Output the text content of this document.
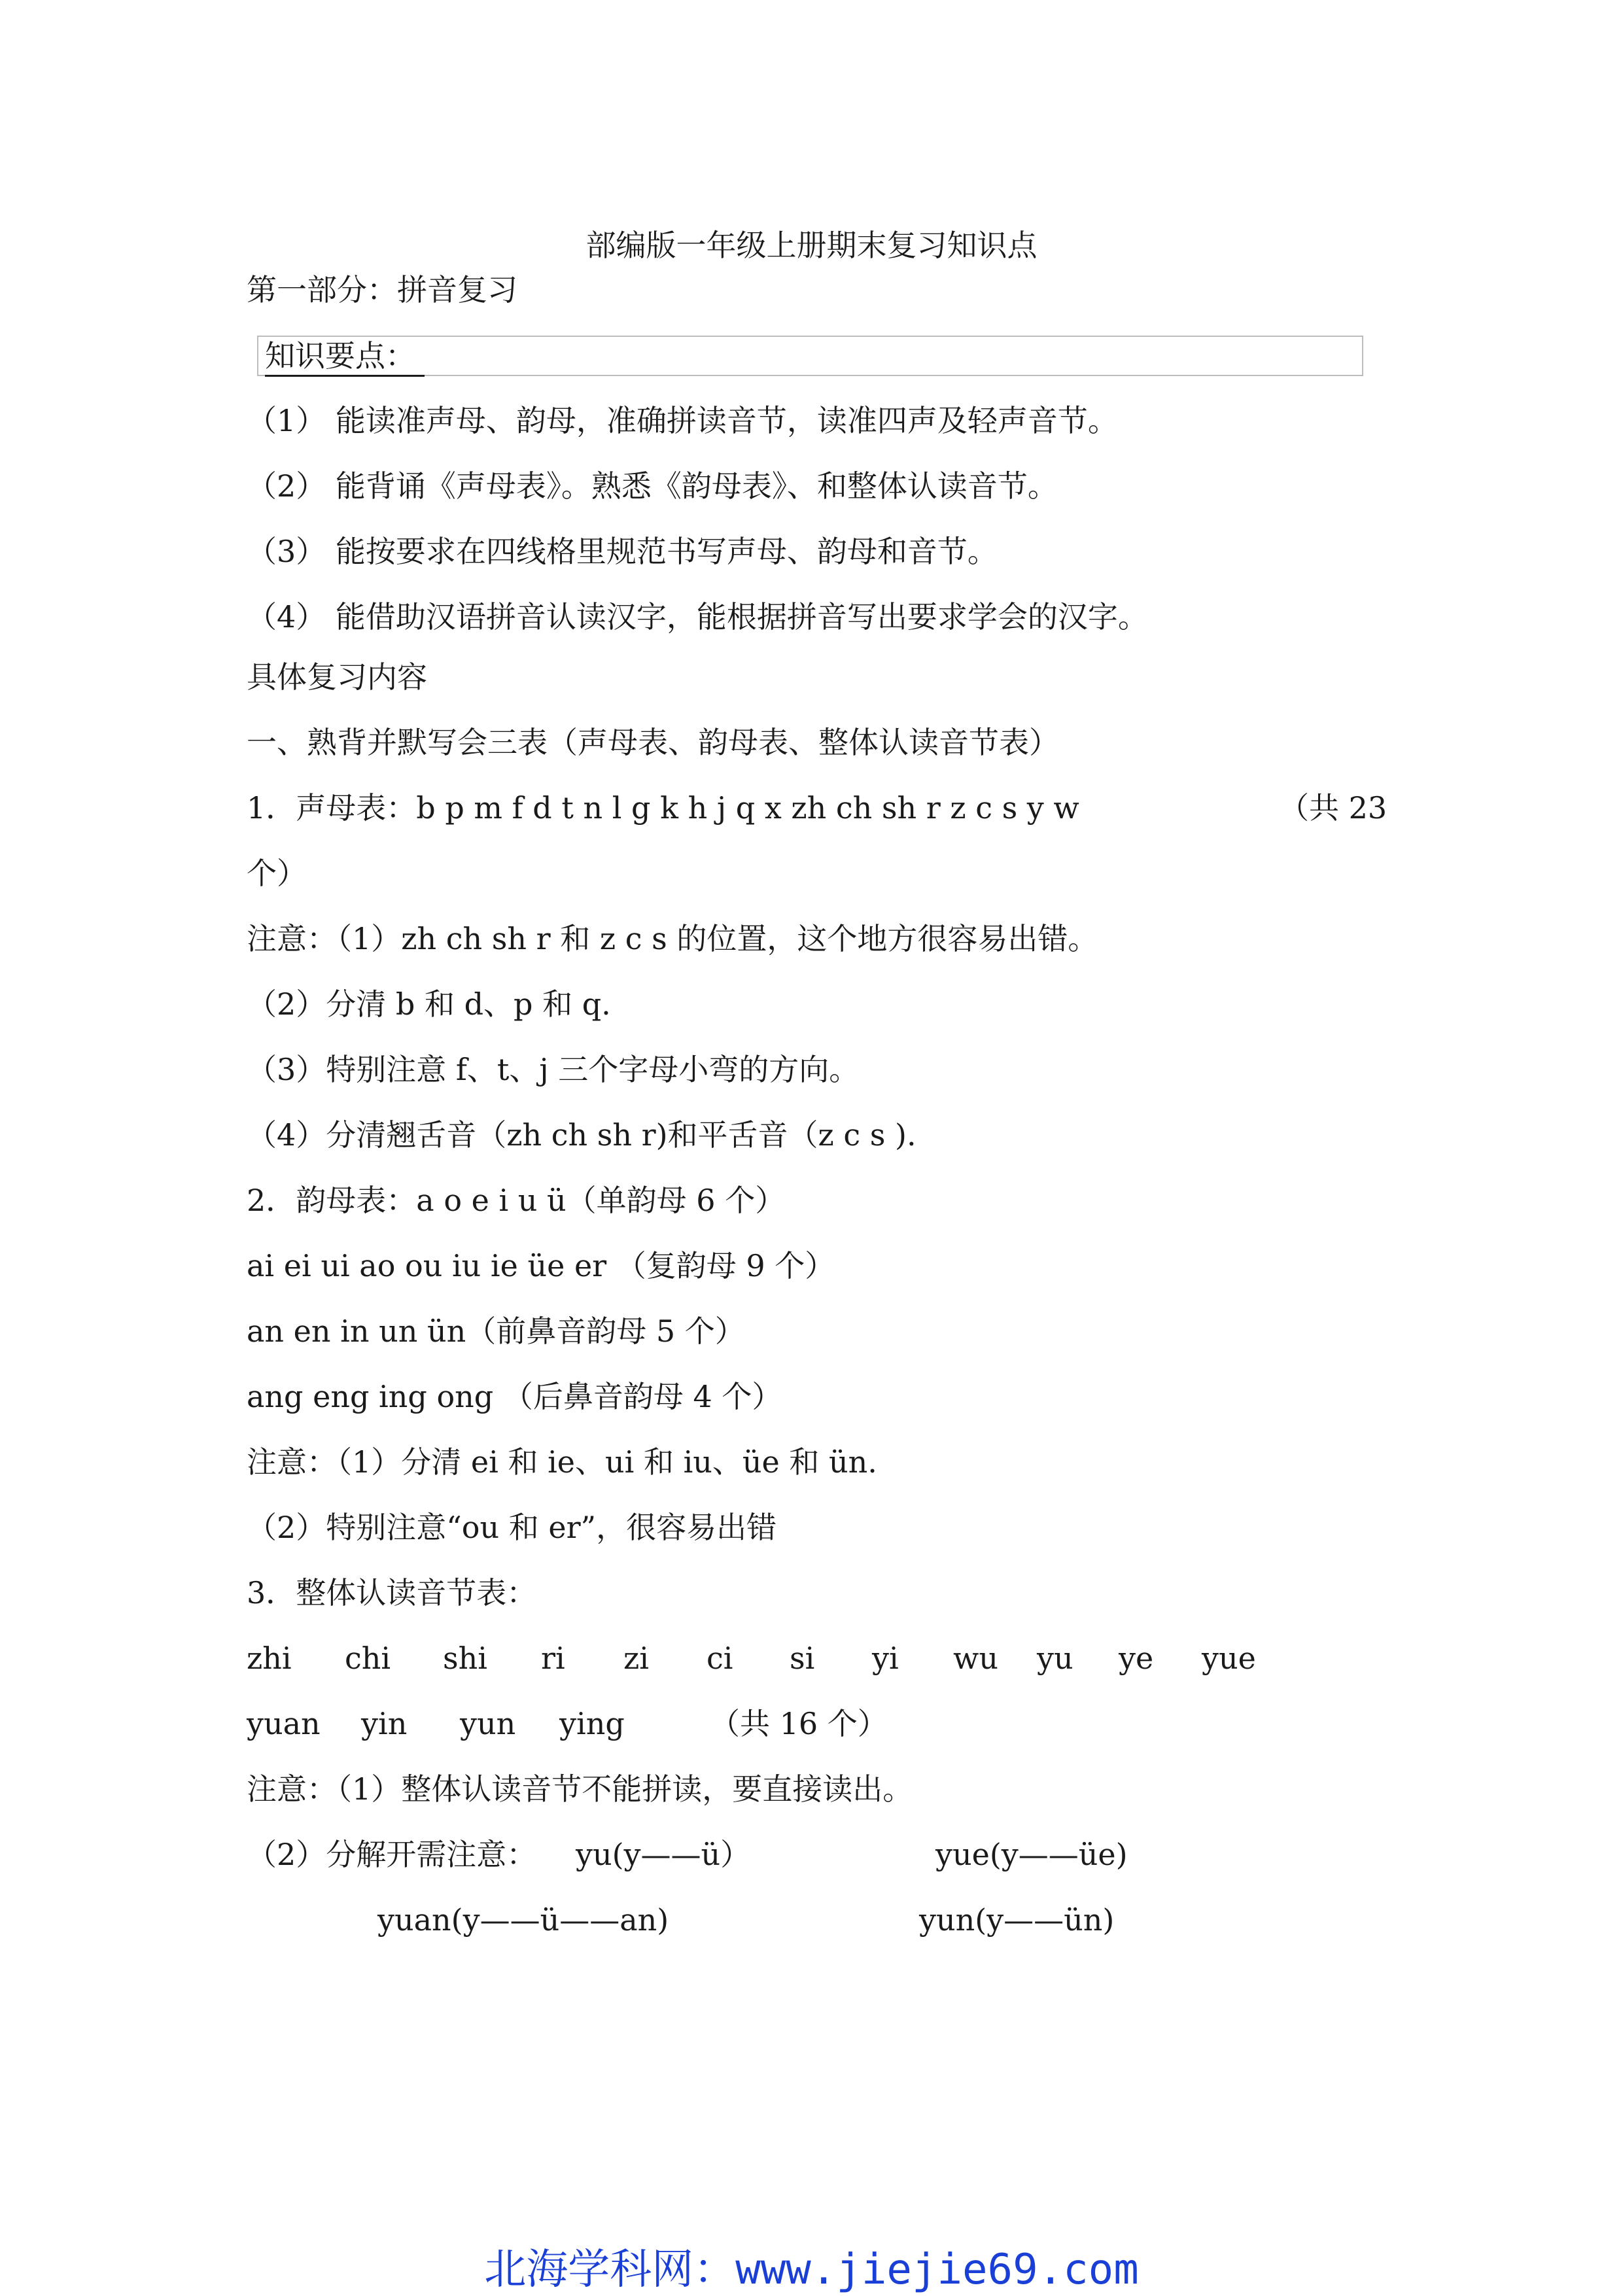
部编版一年级上册期末复习知识点
第一部分：拼音复习
知识要点：
（1） 能读准声母、韵母，准确拼读音节，读准四声及轻声音节。
（2） 能背诵《声母表》。熟悉《韵母表》、和整体认读音节。
（3） 能按要求在四线格里规范书写声母、韵母和音节。
（4） 能借助汉语拼音认读汉字，能根据拼音写出要求学会的汉字。
具体复习内容
一、熟背并默写会三表（声母表、韵母表、整体认读音节表）
1．声母表：b p m f d t n l g k h j q x zh ch sh r z c s y w	（共 23
个）
注意：（1）zh ch sh r 和 z c s 的位置，这个地方很容易出错。
（2）分清 b 和 d、p 和 q.
（3）特别注意 f、t、j 三个字母小弯的方向。
（4）分清翘舌音（zh ch sh r)和平舌音（z c s ).
2．韵母表：a o e i u ü（单韵母 6 个）
ai ei ui ao ou iu ie üe er （复韵母 9 个）
an en in un ün（前鼻音韵母 5 个）
ang eng ing ong （后鼻音韵母 4 个）
注意：（1）分清 ei 和 ie、ui 和 iu、üe 和 ün.
（2）特别注意“ou 和 er”，很容易出错
3．整体认读音节表：
zhi chi shi ri zi ci si yi wu yu ye yue
yuan yin yun ying	（共 16 个）
注意：（1）整体认读音节不能拼读，要直接读出。
（2）分解开需注意： yu(y——ü）	yue(y——üe)
yuan(y——ü——an)	yun(y——ün)
北海学科网：www.jiejie69.com
